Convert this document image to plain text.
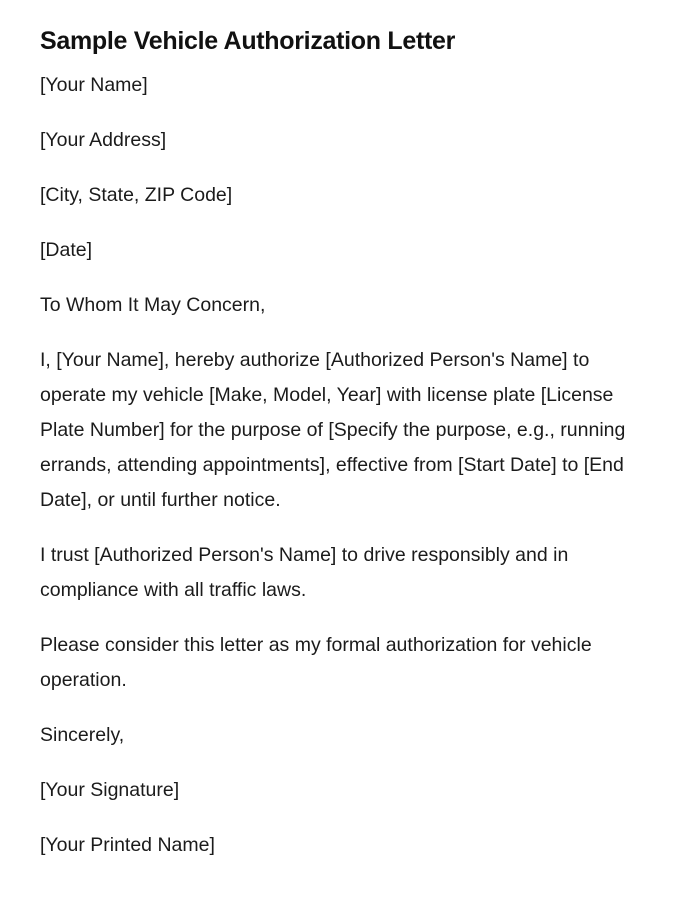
Sample Vehicle Authorization Letter

[Your Name]

[Your Address]

[City, State, ZIP Code]

[Date]

To Whom It May Concern,

I, [Your Name], hereby authorize [Authorized Person's Name] to operate my vehicle [Make, Model, Year] with license plate [License Plate Number] for the purpose of [Specify the purpose, e.g., running errands, attending appointments], effective from [Start Date] to [End Date], or until further notice.

I trust [Authorized Person's Name] to drive responsibly and in compliance with all traffic laws.

Please consider this letter as my formal authorization for vehicle operation.

Sincerely,

[Your Signature]

[Your Printed Name]
